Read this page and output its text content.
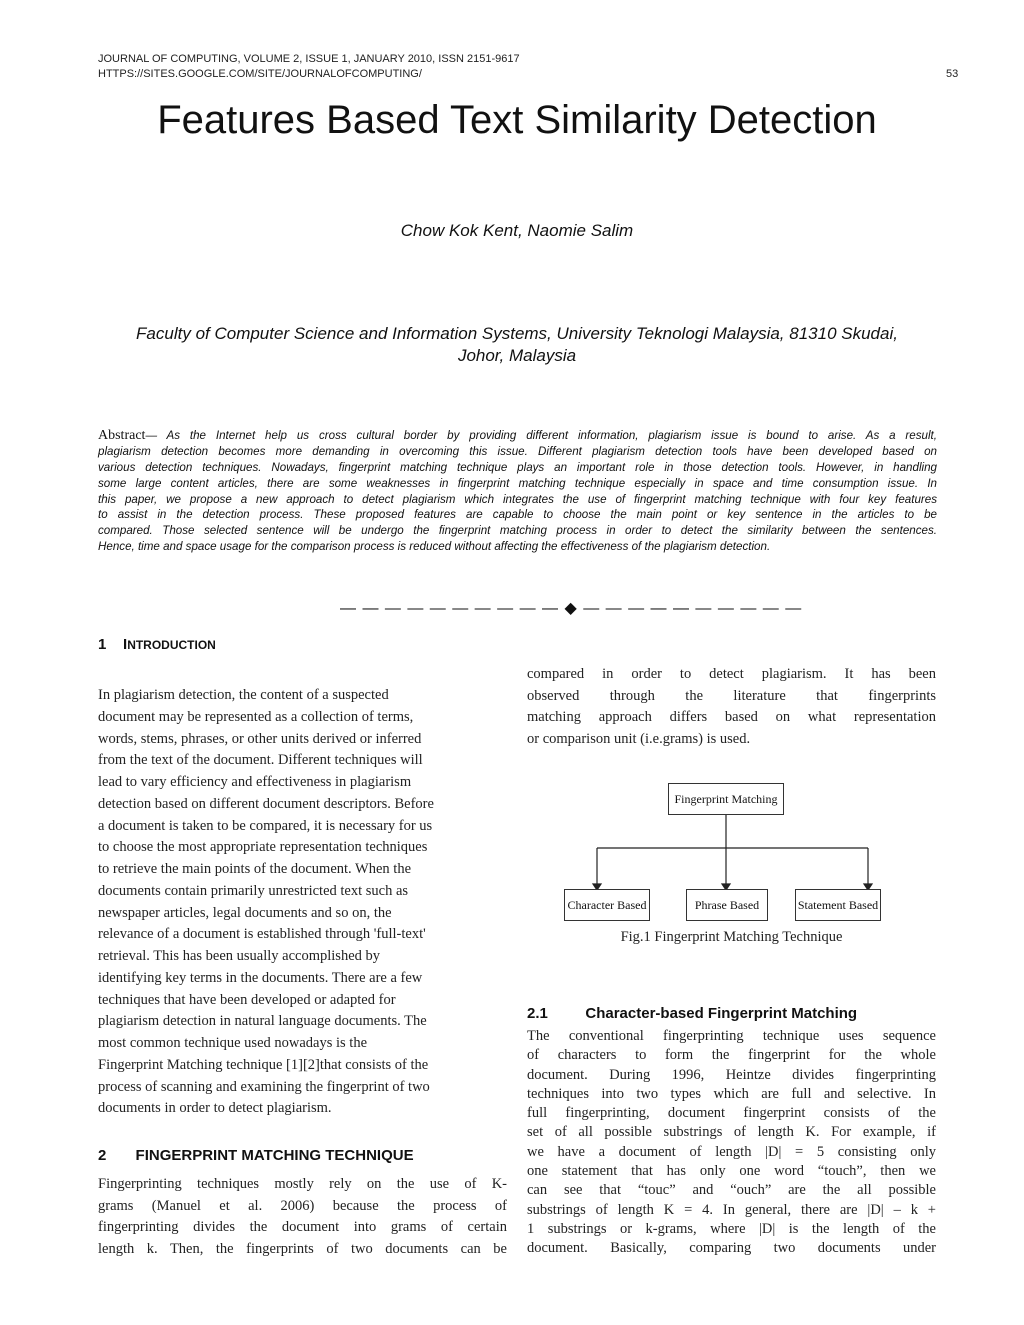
JOURNAL OF COMPUTING, VOLUME 2, ISSUE 1, JANUARY 2010, ISSN 2151-9617
HTTPS://SITES.GOOGLE.COM/SITE/JOURNALOFCOMPUTING/	53
Features Based Text Similarity Detection
Chow Kok Kent, Naomie Salim
Faculty of Computer Science and Information Systems, University Teknologi Malaysia, 81310 Skudai,
Johor, Malaysia
Abstract— As the Internet help us cross cultural border by providing different information, plagiarism issue is bound to arise. As a result,
plagiarism detection becomes more demanding in overcoming this issue. Different plagiarism detection tools have been developed based on
various detection techniques. Nowadays, fingerprint matching technique plays an important role in those detection tools. However, in handling
some large content articles, there are some weaknesses in fingerprint matching technique especially in space and time consumption issue. In
this paper, we propose a new approach to detect plagiarism which integrates the use of fingerprint matching technique with four key features
to assist in the detection process. These proposed features are capable to choose the main point or key sentence in the articles to be
compared. Those selected sentence will be undergo the fingerprint matching process in order to detect the similarity between the sentences.
Hence, time and space usage for the comparison process is reduced without affecting the effectiveness of the plagiarism detection.
— — — — — — — — — — ◆ — — — — — — — — — —
1 INTRODUCTION
In plagiarism detection, the content of a suspected
document may be represented as a collection of terms,
words, stems, phrases, or other units derived or inferred
from the text of the document. Different techniques will
lead to vary efficiency and effectiveness in plagiarism
detection based on different document descriptors. Before
a document is taken to be compared, it is necessary for us
to choose the most appropriate representation techniques
to retrieve the main points of the document. When the
documents contain primarily unrestricted text such as
newspaper articles, legal documents and so on, the
relevance of a document is established through 'full-text'
retrieval. This has been usually accomplished by
identifying key terms in the documents. There are a few
techniques that have been developed or adapted for
plagiarism detection in natural language documents. The
most common technique used nowadays is the
Fingerprint Matching technique [1][2]that consists of the
process of scanning and examining the fingerprint of two
documents in order to detect plagiarism.
2 FINGERPRINT MATCHING TECHNIQUE
Fingerprinting techniques mostly rely on the use of K-
grams (Manuel et al. 2006) because the process of
fingerprinting divides the document into grams of certain
length k. Then, the fingerprints of two documents can be
compared in order to detect plagiarism. It has been
observed through the literature that fingerprints
matching approach differs based on what representation
or comparison unit (i.e.grams) is used.
Fingerprint Matching
Character Based	Phrase Based	Statement Based
Fig.1 Fingerprint Matching Technique
2.1	Character-based Fingerprint Matching
The conventional fingerprinting technique uses sequence
of characters to form the fingerprint for the whole
document. During 1996, Heintze divides fingerprinting
techniques into two types which are full and selective. In
full fingerprinting, document fingerprint consists of the
set of all possible substrings of length K. For example, if
we have a document of length |D| = 5 consisting only
one statement that has only one word “touch”, then we
can see that “touc” and “ouch” are the all possible
substrings of length K = 4. In general, there are |D| – k +
1 substrings or k-grams, where |D| is the length of the
document. Basically, comparing two documents under
